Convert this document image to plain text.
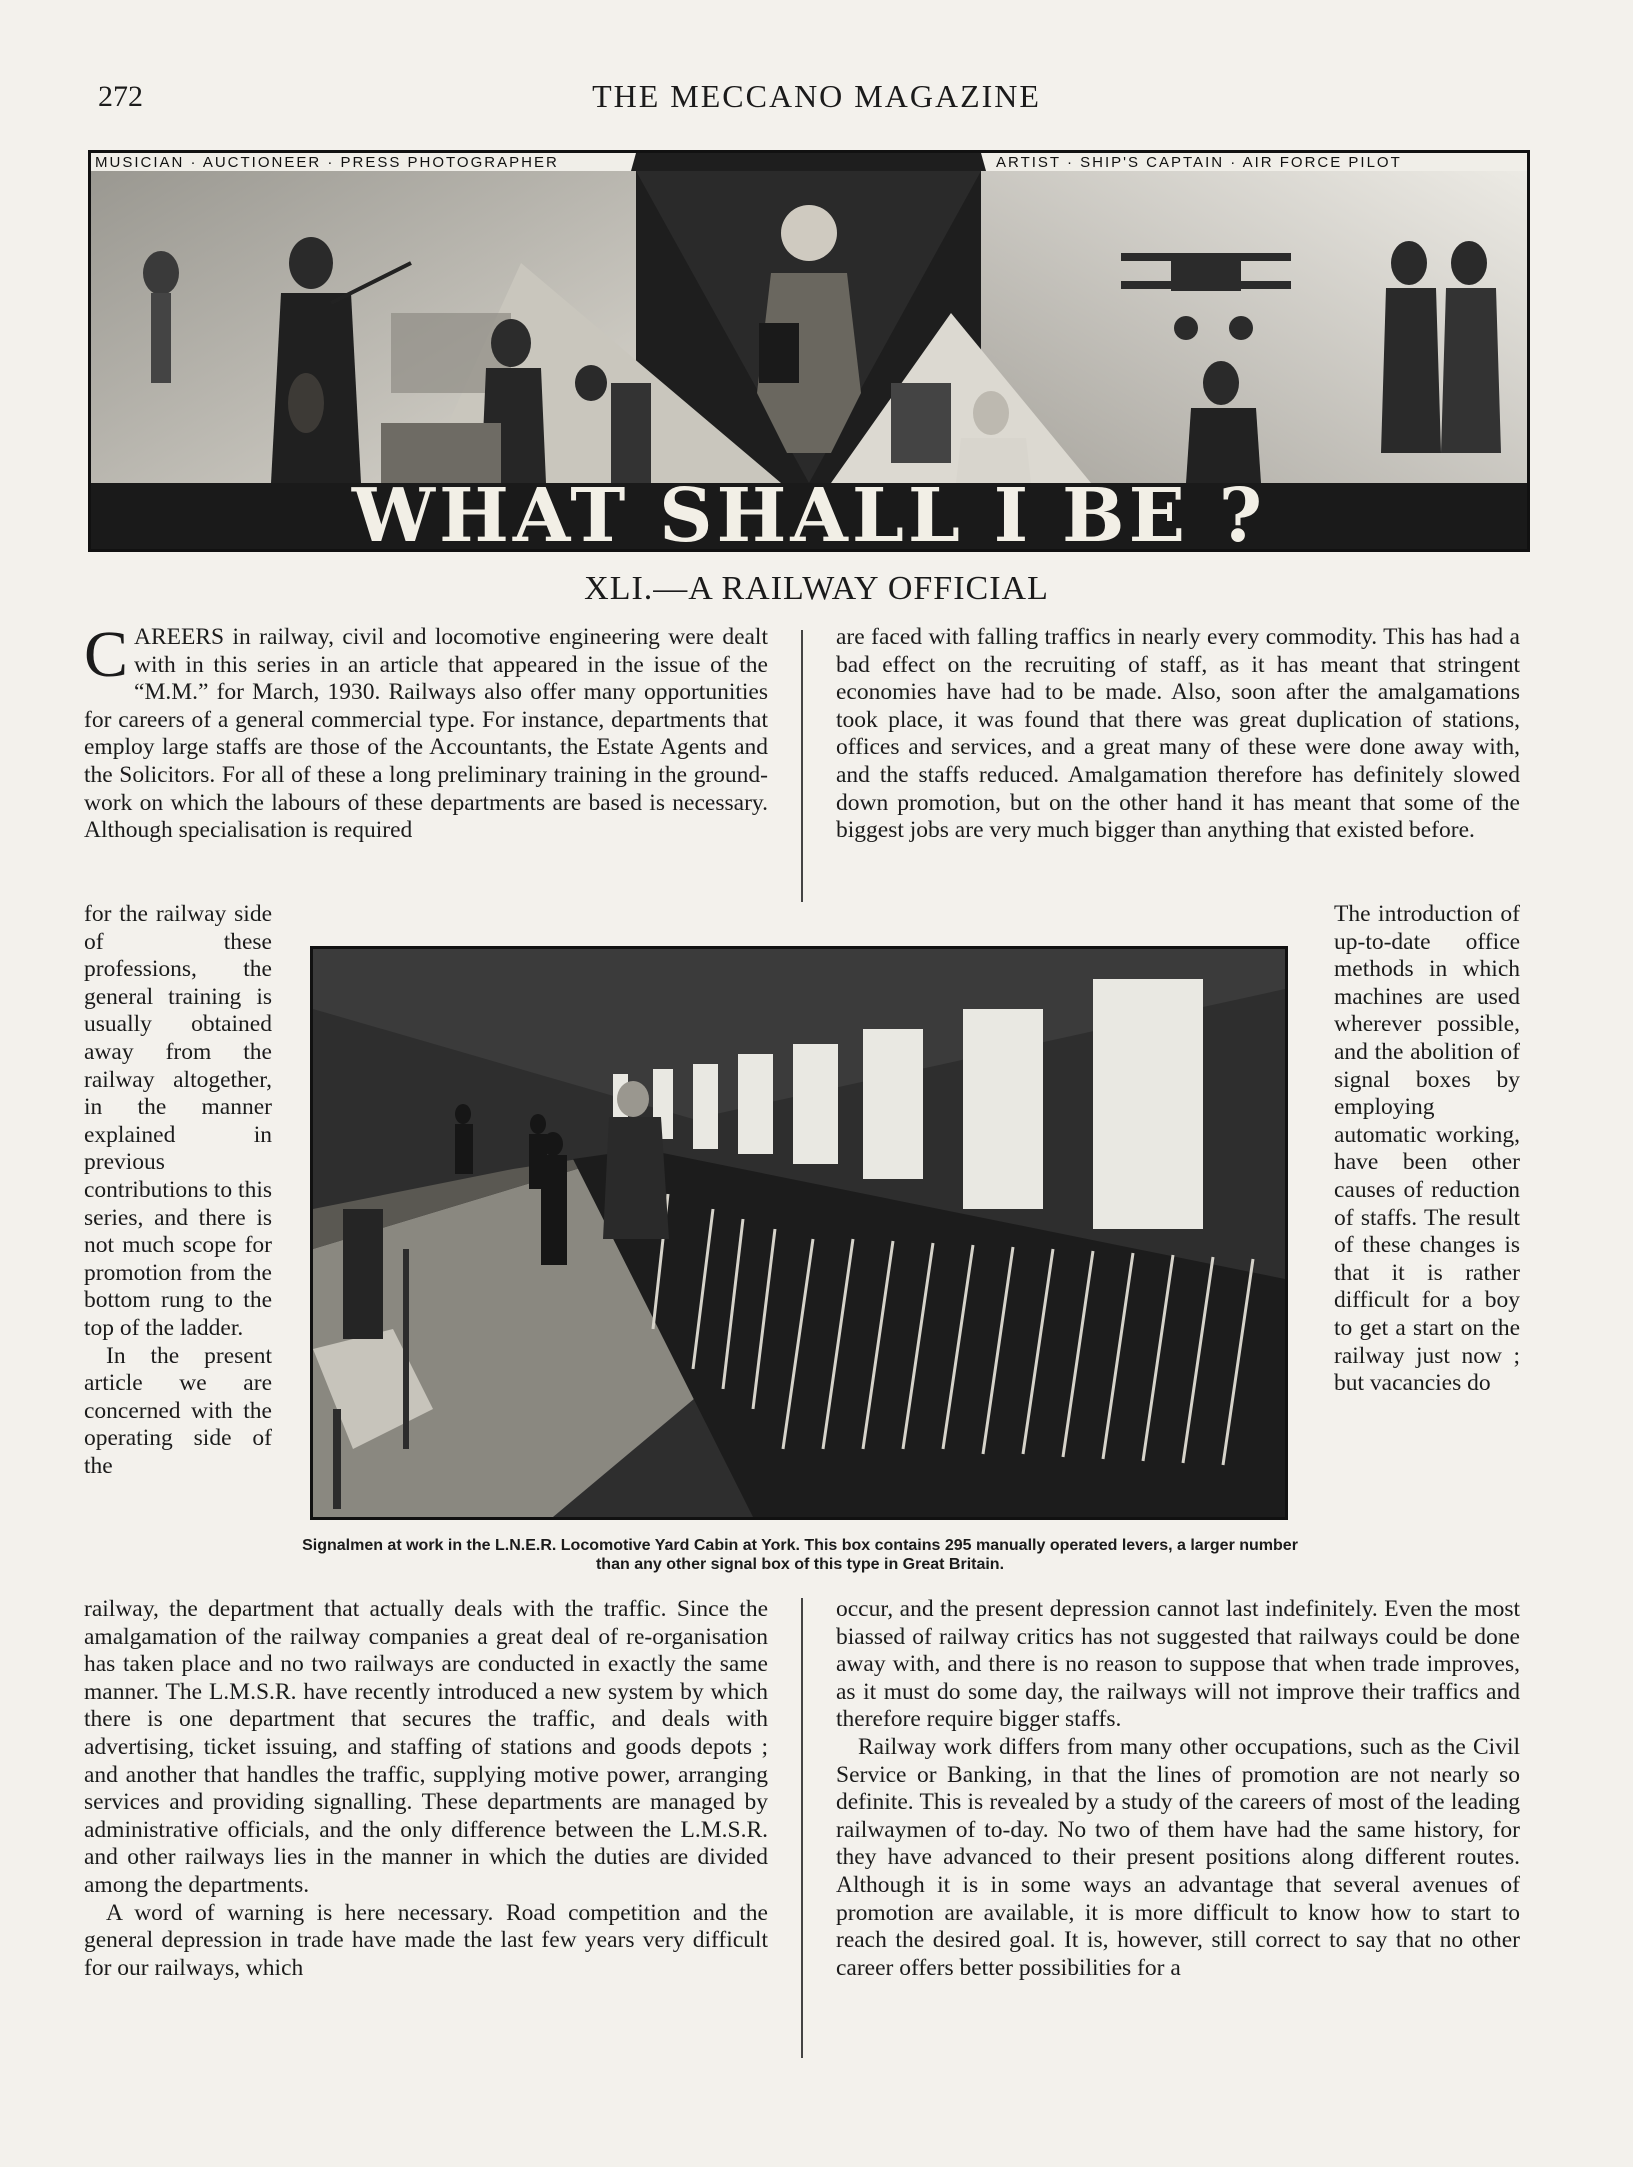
272	THE MECCANO MAGAZINE
MUSICIAN · AUCTIONEER · PRESS PHOTOGRAPHER	ARTIST · SHIP'S CAPTAIN · AIR FORCE PILOT
WHAT SHALL I BE ?
XLI.—A RAILWAY OFFICIAL
CAREERS in railway, civil and locomotive engineering were dealt with in this series in an article that appeared in the issue of the “M.M.” for March, 1930. Railways also offer many opportunities for careers of a general commercial type. For instance, departments that employ large staffs are those of the Accountants, the Estate Agents and the Solicitors. For all of these a long preliminary training in the ground-work on which the labours of these departments are based is necessary. Although specialisation is required
are faced with falling traffics in nearly every commodity. This has had a bad effect on the recruiting of staff, as it has meant that stringent economies have had to be made. Also, soon after the amalgamations took place, it was found that there was great duplication of stations, offices and services, and a great many of these were done away with, and the staffs reduced. Amalgamation therefore has definitely slowed down promotion, but on the other hand it has meant that some of the biggest jobs are very much bigger than anything that existed before.

for the railway side of these professions, the general training is usually obtained away from the railway altogether, in the manner explained in previous contributions to this series, and there is not much scope for promotion from the bottom rung to the top of the ladder.

In the present article we are concerned with the operating side of the

Signalmen at work in the L.N.E.R. Locomotive Yard Cabin at York. This box contains 295 manually operated levers, a larger number than any other signal box of this type in Great Britain.
The introduction of up-to-date office methods in which machines are used wherever possible, and the abolition of signal boxes by employing automatic working, have been other causes of reduction of staffs. The result of these changes is that it is rather difficult for a boy to get a start on the railway just now ; but vacancies do

railway, the department that actually deals with the traffic. Since the amalgamation of the railway companies a great deal of re-organisation has taken place and no two railways are conducted in exactly the same manner. The L.M.S.R. have recently introduced a new system by which there is one department that secures the traffic, and deals with advertising, ticket issuing, and staffing of stations and goods depots ; and another that handles the traffic, supplying motive power, arranging services and providing signalling. These departments are managed by administrative officials, and the only difference between the L.M.S.R. and other railways lies in the manner in which the duties are divided among the departments.

A word of warning is here necessary. Road competition and the general depression in trade have made the last few years very difficult for our railways, which

occur, and the present depression cannot last indefinitely. Even the most biassed of railway critics has not suggested that railways could be done away with, and there is no reason to suppose that when trade improves, as it must do some day, the railways will not improve their traffics and therefore require bigger staffs.

Railway work differs from many other occupations, such as the Civil Service or Banking, in that the lines of promotion are not nearly so definite. This is revealed by a study of the careers of most of the leading railwaymen of to-day. No two of them have had the same history, for they have advanced to their present positions along different routes. Although it is in some ways an advantage that several avenues of promotion are available, it is more difficult to know how to start to reach the desired goal. It is, however, still correct to say that no other career offers better possibilities for a
